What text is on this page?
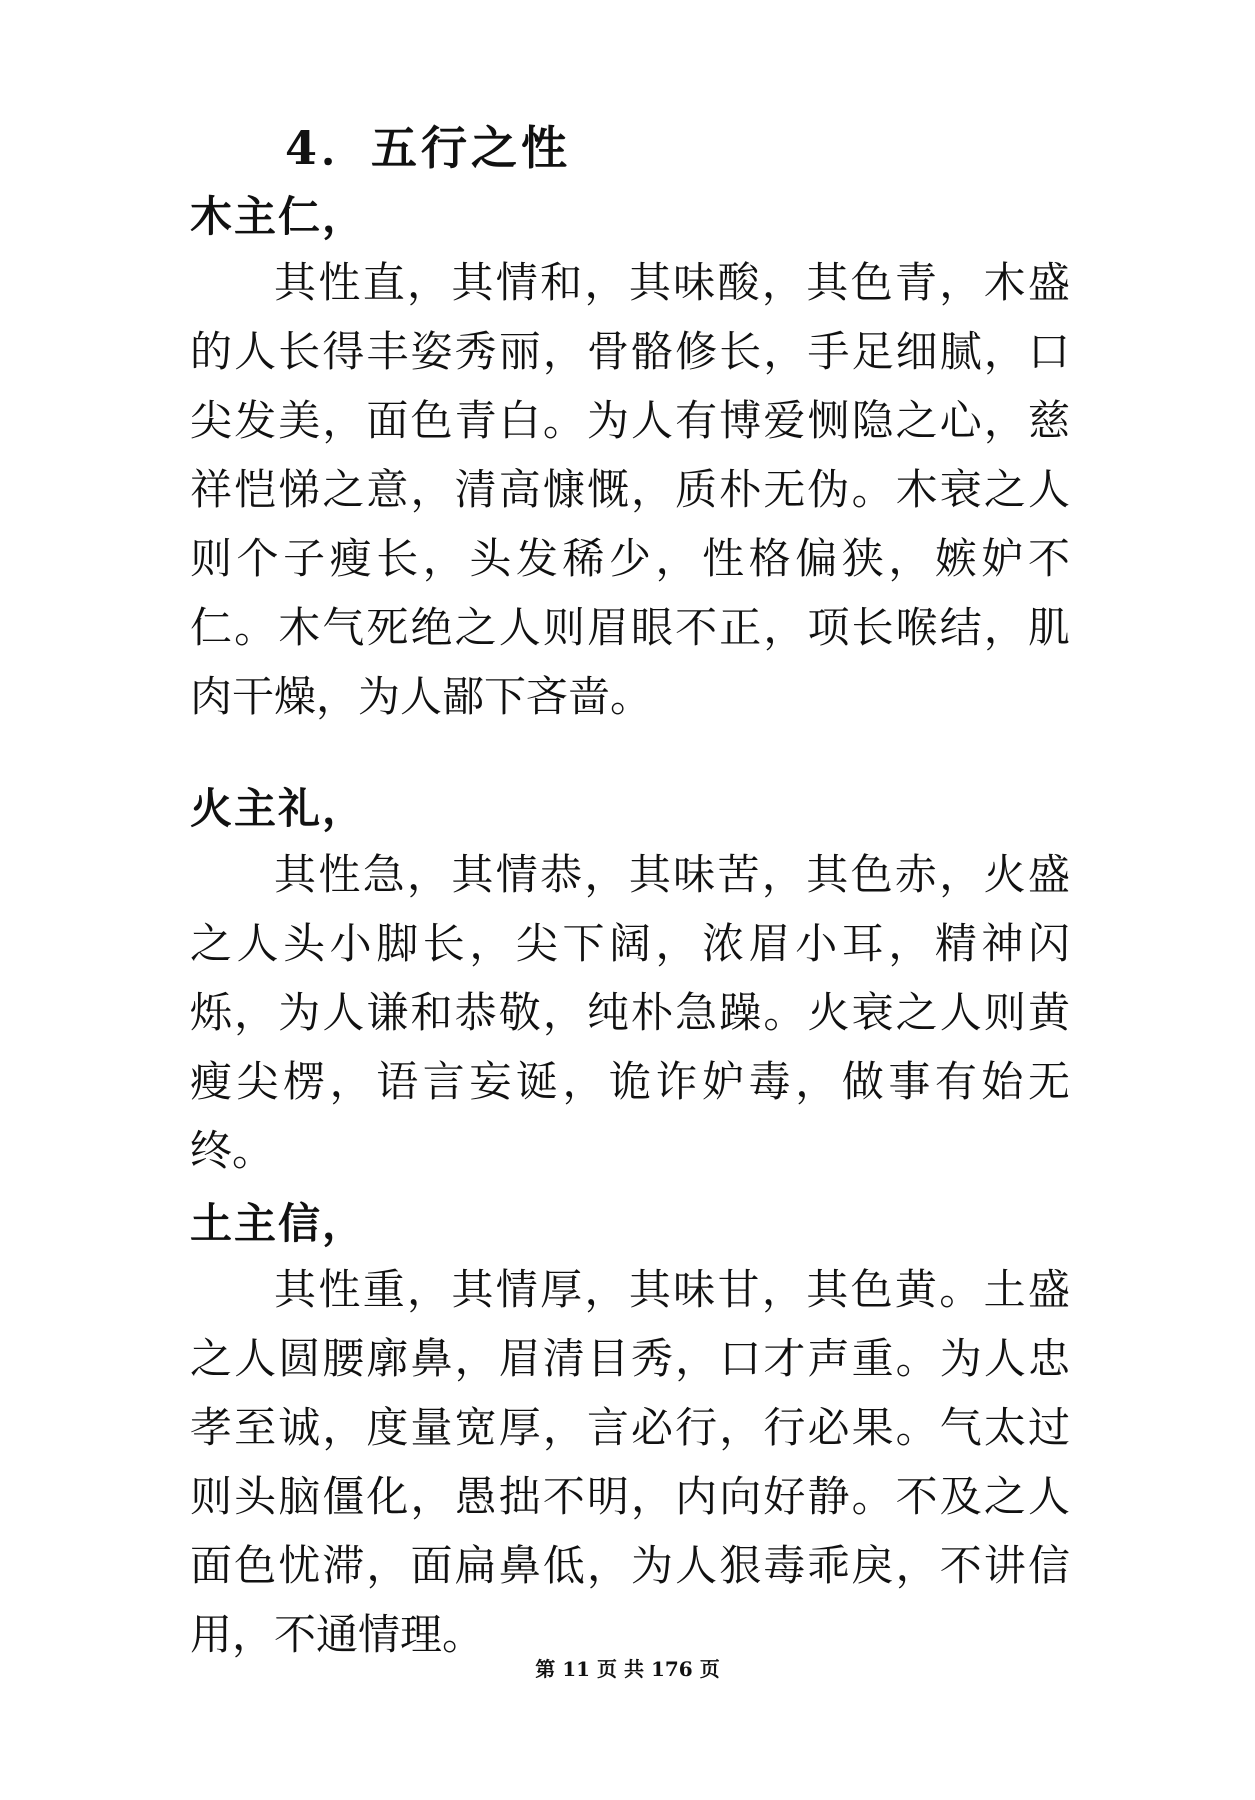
4．五行之性
木主仁，

其性直，其情和，其味酸，其色青，木盛的人长得丰姿秀丽，骨骼修长，手足细腻，口尖发美，面色青白。为人有博爱恻隐之心，慈祥恺悌之意，清高慷慨，质朴无伪。木衰之人则个子瘦长，头发稀少，性格偏狭，嫉妒不仁。木气死绝之人则眉眼不正，项长喉结，肌肉干燥，为人鄙下吝啬。

火主礼，

其性急，其情恭，其味苦，其色赤，火盛之人头小脚长，尖下阔，浓眉小耳，精神闪烁，为人谦和恭敬，纯朴急躁。火衰之人则黄瘦尖楞，语言妄诞，诡诈妒毒，做事有始无终。

土主信，

其性重，其情厚，其味甘，其色黄。土盛之人圆腰廓鼻，眉清目秀，口才声重。为人忠孝至诚，度量宽厚，言必行，行必果。气太过则头脑僵化，愚拙不明，内向好静。不及之人面色忧滞，面扁鼻低，为人狠毒乖戾，不讲信用，不通情理。

第 11 页 共 176 页
